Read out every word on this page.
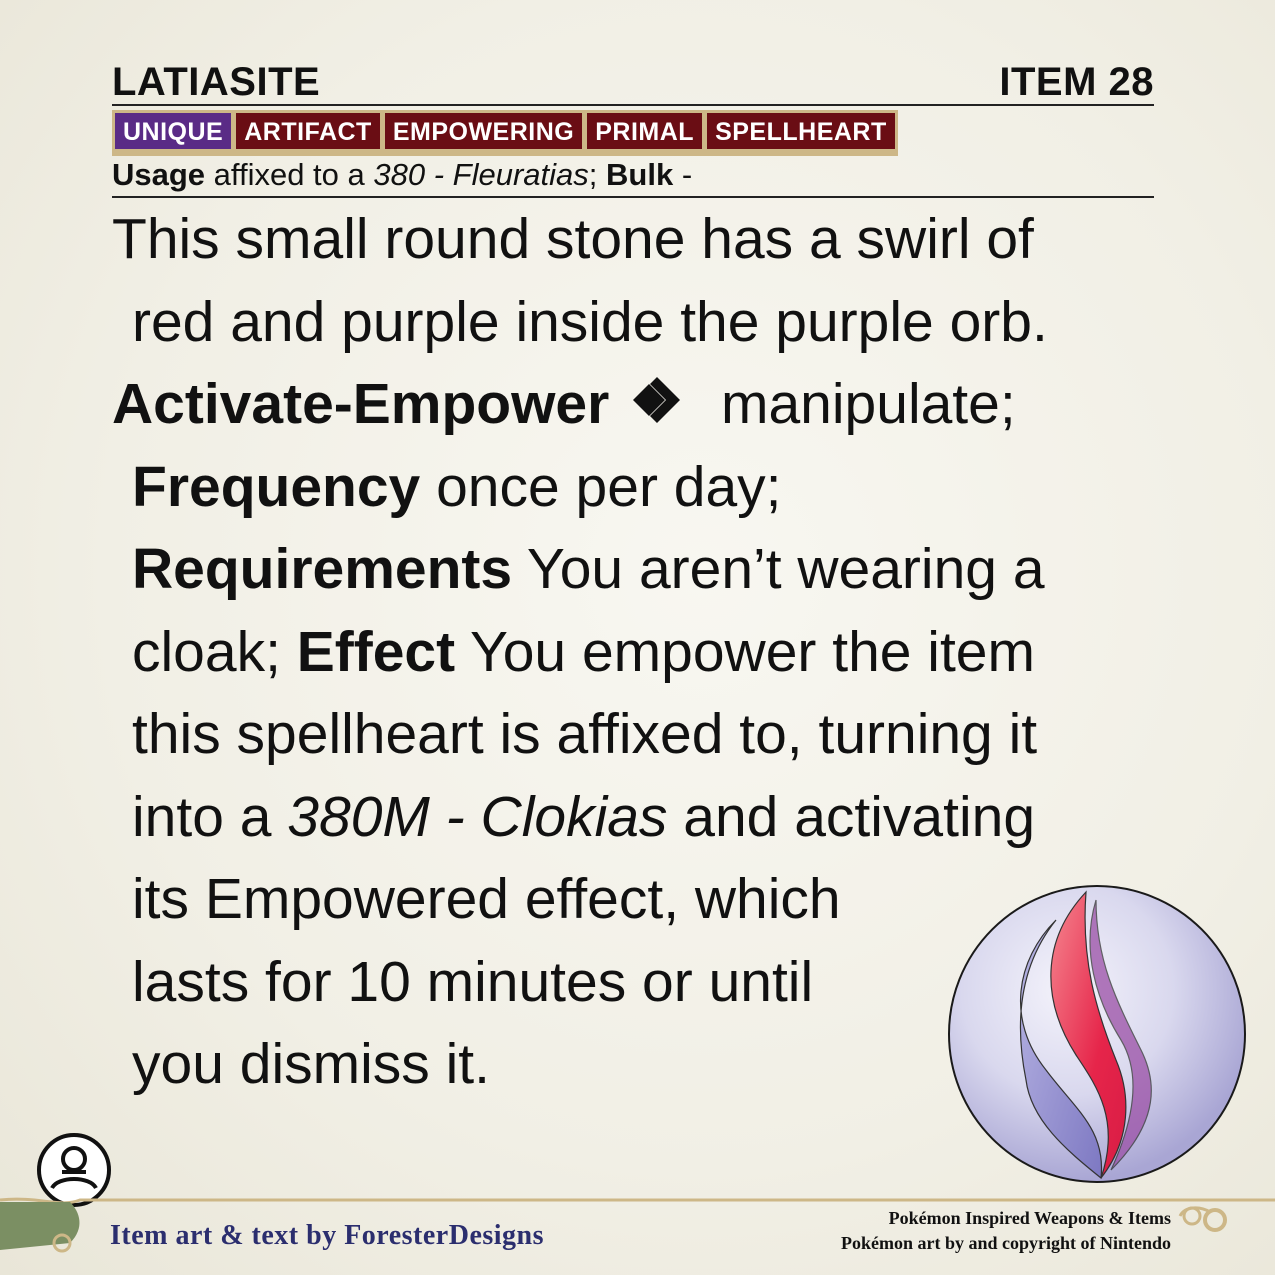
LATIASITE	ITEM 28
UNIQUE ARTIFACT EMPOWERING PRIMAL SPELLHEART
Usage affixed to a 380 - Fleuratias; Bulk -
This small round stone has a swirl of
red and purple inside the purple orb.
Activate-Empower manipulate;
Frequency once per day;
Requirements You aren’t wearing a
cloak; Effect You empower the item
this spellheart is affixed to, turning it
into a 380M - Clokias and activating
its Empowered effect, which
lasts for 10 minutes or until
you dismiss it.
Item art & text by ForesterDesigns
Pokémon Inspired Weapons & Items
Pokémon art by and copyright of Nintendo
